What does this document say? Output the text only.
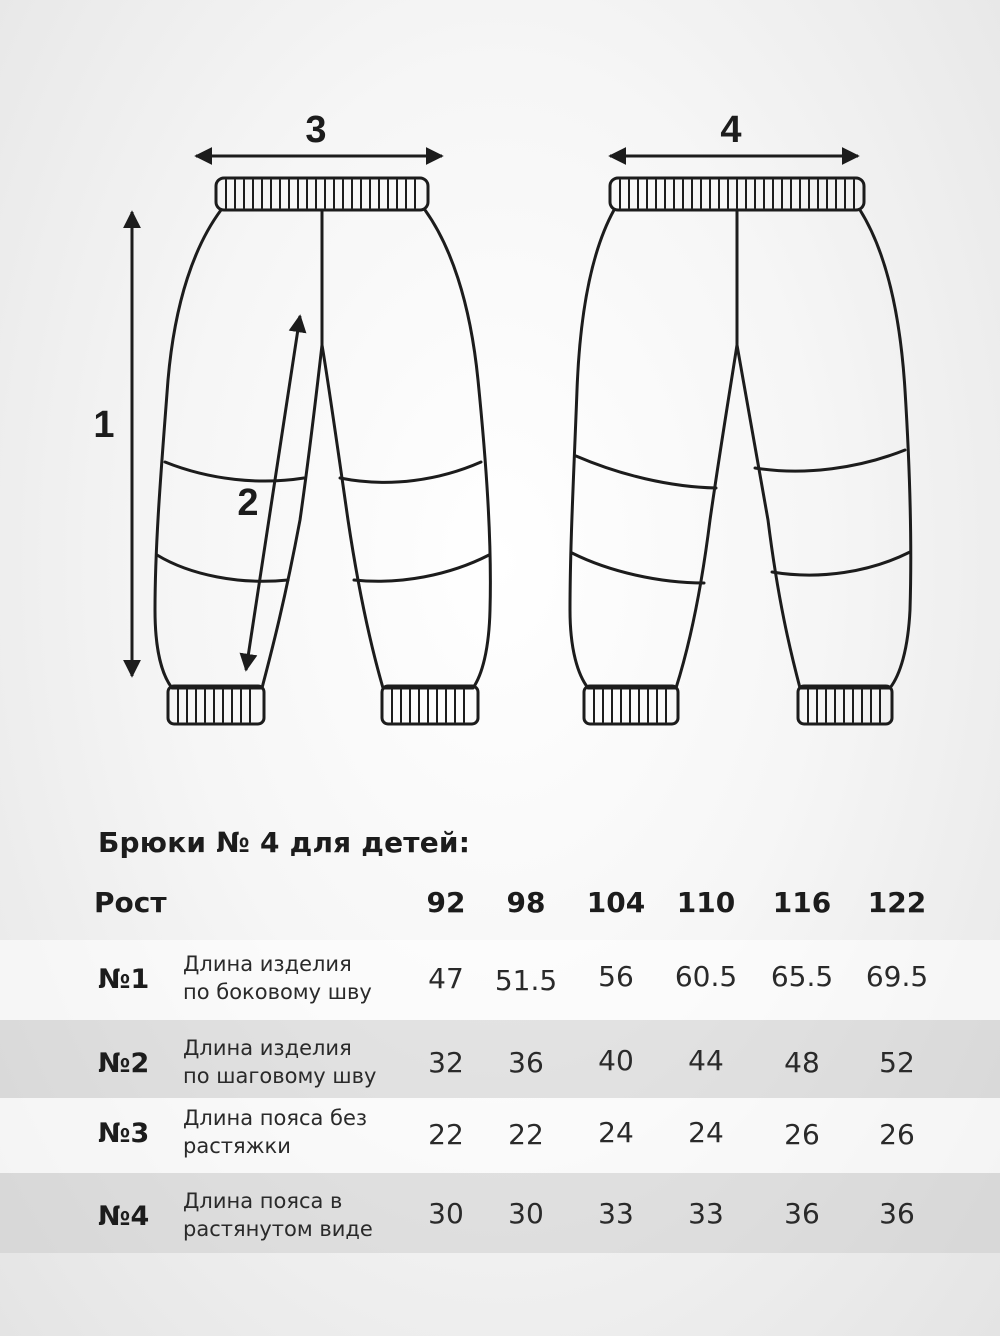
1
2
3	4
Брюки № 4 для детей:
Рост	92	98	104	110	116	122
№1 Длина изделия
по боковому шву	47	51.5	56	60.5	65.5	69.5
№2 Длина изделия
по шаговому шву	32	36	40	44	48	52
№3 Длина пояса без
растяжки	22	22	24	24	26	26
№4 Длина пояса в
растянутом виде	30	30	33	33	36	36
